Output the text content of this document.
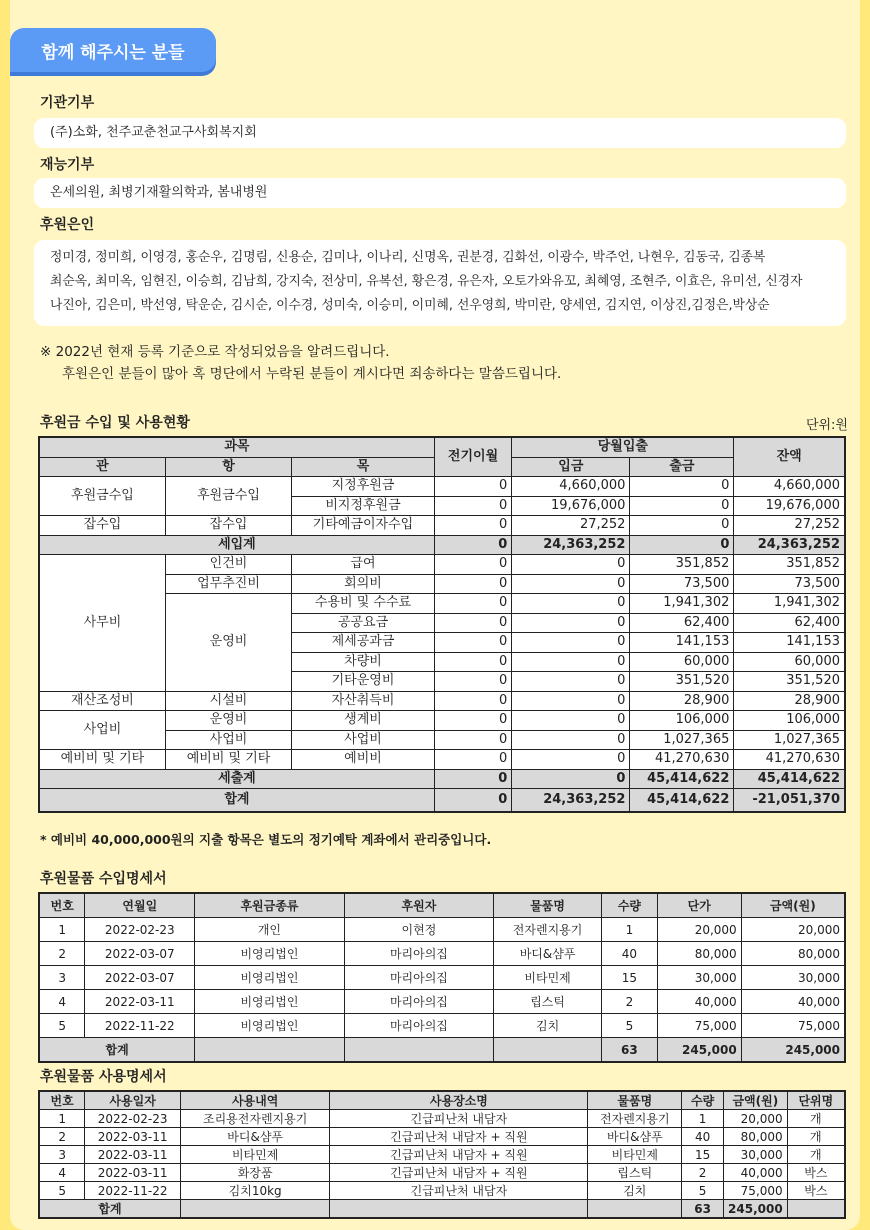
함께 해주시는 분들
기관기부
(주)소화, 천주교춘천교구사회복지회
재능기부
온세의원, 최병기재활의학과, 봄내병원
후원은인
정미경, 정미희, 이영경, 홍순우, 김명림, 신용순, 김미나, 이나리, 신명옥, 권분경, 김화선, 이광수, 박주언, 나현우, 김동국, 김종복
최순옥, 최미옥, 임현진, 이승희, 김남희, 강지숙, 전상미, 유복선, 황은경, 유은자, 오토가와유꼬, 최혜영, 조현주, 이효은, 유미선, 신경자
나진아, 김은미, 박선영, 탁운순, 김시순, 이수경, 성미숙, 이승미, 이미혜, 선우영희, 박미란, 양세연, 김지연, 이상진,김정은,박상순
※ 2022년 현재 등록 기준으로 작성되었음을 알려드립니다.
후원은인 분들이 많아 혹 명단에서 누락된 분들이 계시다면 죄송하다는 말씀드립니다.
후원금 수입 및 사용현황	단위:원
과목			전기이월	당월입출		잔액
관	항	목		입금	출금	
후원금수입	후원금수입	지정후원금	0	4,660,000	0	4,660,000
		비지정후원금	0	19,676,000	0	19,676,000
잡수입	잡수입	기타예금이자수입	0	27,252	0	27,252
세입계			0	24,363,252	0	24,363,252
사무비	인건비	급여	0	0	351,852	351,852
	업무추진비	회의비	0	0	73,500	73,500
	운영비	수용비 및 수수료	0	0	1,941,302	1,941,302
		공공요금	0	0	62,400	62,400
		제세공과금	0	0	141,153	141,153
		차량비	0	0	60,000	60,000
		기타운영비	0	0	351,520	351,520
재산조성비	시설비	자산취득비	0	0	28,900	28,900
사업비	운영비	생계비	0	0	106,000	106,000
	사업비	사업비	0	0	1,027,365	1,027,365
예비비 및 기타	예비비 및 기타	예비비	0	0	41,270,630	41,270,630
세출계			0	0	45,414,622	45,414,622
합계			0	24,363,252	45,414,622	-21,051,370
* 예비비 40,000,000원의 지출 항목은 별도의 정기예탁 계좌에서 관리중입니다.
후원물품 수입명세서
번호	연월일	후원금종류	후원자	물품명	수량	단가	금액(원)
1	2022-02-23	개인	이현정	전자렌지용기	1	20,000	20,000
2	2022-03-07	비영리법인	마리아의집	바디&샴푸	40	80,000	80,000
3	2022-03-07	비영리법인	마리아의집	비타민제	15	30,000	30,000
4	2022-03-11	비영리법인	마리아의집	립스틱	2	40,000	40,000
5	2022-11-22	비영리법인	마리아의집	김치	5	75,000	75,000
합계					63	245,000	245,000
후원물품 사용명세서
번호	사용일자	사용내역	사용장소명	물품명	수량	금액(원)	단위명
1	2022-02-23	조리용전자렌지용기	긴급피난처 내담자	전자렌지용기	1	20,000	개
2	2022-03-11	바디&샴푸	긴급피난처 내담자 + 직원	바디&샴푸	40	80,000	개
3	2022-03-11	비타민제	긴급피난처 내담자 + 직원	비타민제	15	30,000	개
4	2022-03-11	화장품	긴급피난처 내담자 + 직원	립스틱	2	40,000	박스
5	2022-11-22	김치10kg	긴급피난처 내담자	김치	5	75,000	박스
합계					63	245,000	
